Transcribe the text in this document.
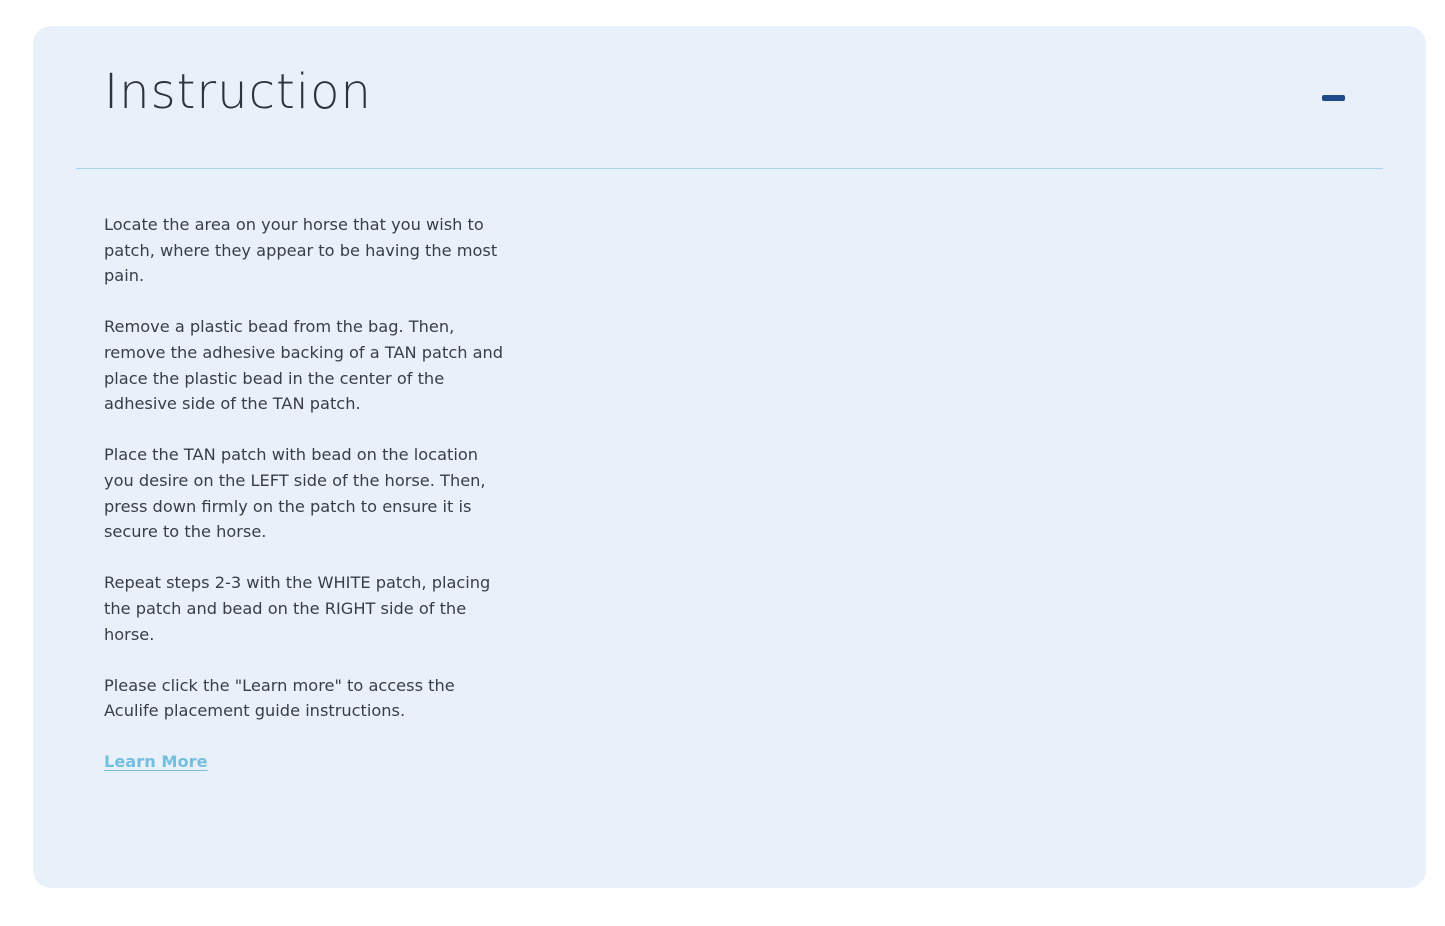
Instruction

Locate the area on your horse that you wish to patch, where they appear to be having the most pain.

Remove a plastic bead from the bag. Then, remove the adhesive backing of a TAN patch and place the plastic bead in the center of the adhesive side of the TAN patch.

Place the TAN patch with bead on the location you desire on the LEFT side of the horse. Then, press down firmly on the patch to ensure it is secure to the horse.

Repeat steps 2-3 with the WHITE patch, placing the patch and bead on the RIGHT side of the horse.

Please click the "Learn more" to access the Aculife placement guide instructions.

Learn More
